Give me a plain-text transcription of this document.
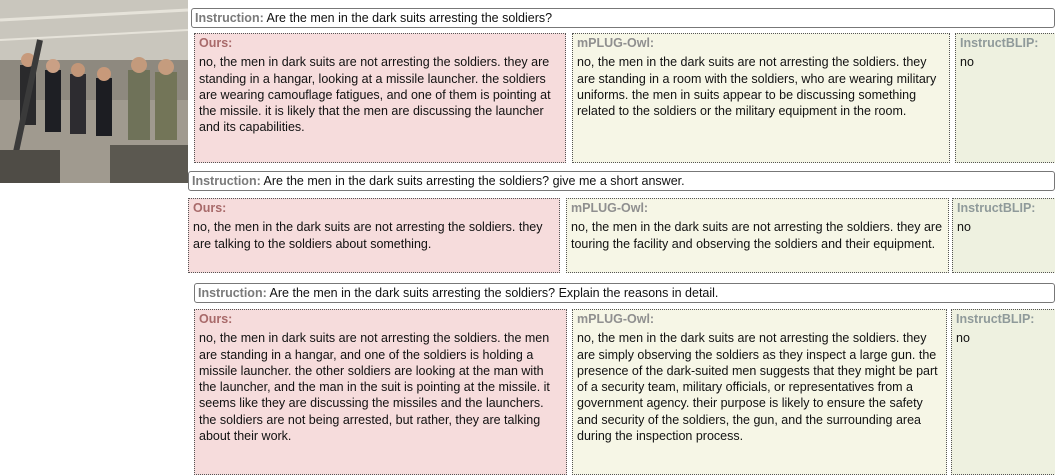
Instruction: Are the men in the dark suits arresting the soldiers?
Ours:
no, the men in dark suits are not arresting the soldiers. they are standing in a hangar, looking at a missile launcher. the soldiers are wearing camouflage fatigues, and one of them is pointing at the missile. it is likely that the men are discussing the launcher and its capabilities.
mPLUG-Owl:
no, the men in the dark suits are not arresting the soldiers. they are standing in a room with the soldiers, who are wearing military uniforms. the men in suits appear to be discussing something related to the soldiers or the military equipment in the room.
InstructBLIP:
no
Instruction: Are the men in the dark suits arresting the soldiers? give me a short answer.
Ours:
no, the men in the dark suits are not arresting the soldiers. they are talking to the soldiers about something.
mPLUG-Owl:
no, the men in the dark suits are not arresting the soldiers. they are touring the facility and observing the soldiers and their equipment.
InstructBLIP:
no
Instruction: Are the men in the dark suits arresting the soldiers? Explain the reasons in detail.
Ours:
no, the men in dark suits are not arresting the soldiers. the men are standing in a hangar, and one of the soldiers is holding a missile launcher. the other soldiers are looking at the man with the launcher, and the man in the suit is pointing at the missile. it seems like they are discussing the missiles and the launchers. the soldiers are not being arrested, but rather, they are talking about their work.
mPLUG-Owl:
no, the men in the dark suits are not arresting the soldiers. they are simply observing the soldiers as they inspect a large gun. the presence of the dark-suited men suggests that they might be part of a security team, military officials, or representatives from a government agency. their purpose is likely to ensure the safety and security of the soldiers, the gun, and the surrounding area during the inspection process.
InstructBLIP:
no
